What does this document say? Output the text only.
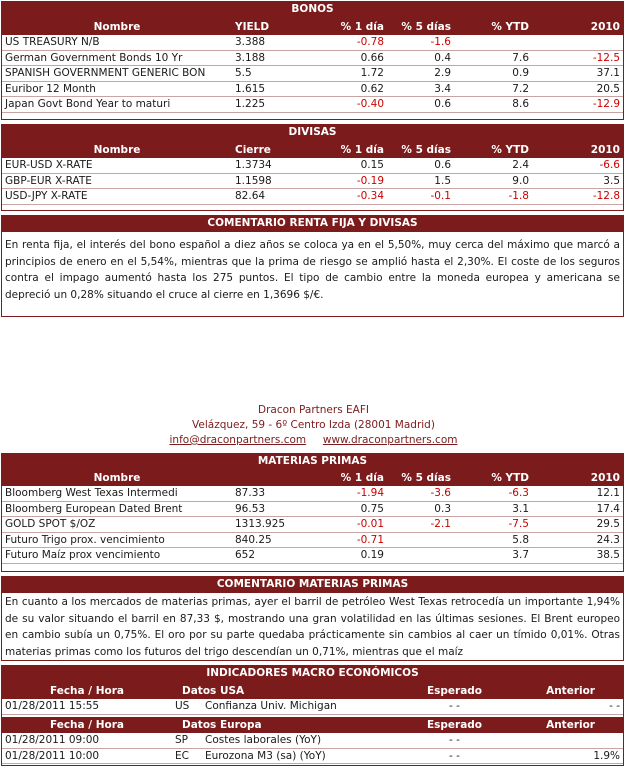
BONOS
Nombre	YIELD	% 1 día	% 5 días	% YTD	2010
US TREASURY N/B	3.388	-0.78	-1.6		
German Government Bonds 10 Yr	3.188	0.66	0.4	7.6	-12.5
SPANISH GOVERNMENT GENERIC BON	5.5	1.72	2.9	0.9	37.1
Euribor 12 Month	1.615	0.62	3.4	7.2	20.5
Japan Govt Bond Year to maturi	1.225	-0.40	0.6	8.6	-12.9
DIVISAS
Nombre	Cierre	% 1 día	% 5 días	% YTD	2010
EUR-USD X-RATE	1.3734	0.15	0.6	2.4	-6.6
GBP-EUR X-RATE	1.1598	-0.19	1.5	9.0	3.5
USD-JPY X-RATE	82.64	-0.34	-0.1	-1.8	-12.8
COMENTARIO RENTA FIJA Y DIVISAS
En renta fija, el interés del bono español a diez años se coloca ya en el 5,50%, muy cerca del máximo que marcó a principios de enero en el 5,54%, mientras que la prima de riesgo se amplió hasta el 2,30%. El coste de los seguros contra el impago aumentó hasta los 275 puntos. El tipo de cambio entre la moneda europea y americana se depreció un 0,28% situando el cruce al cierre en 1,3696 $/€.
Dracon Partners EAFI
Velázquez, 59 - 6º Centro Izda (28001 Madrid)
info@draconpartners.com www.draconpartners.com
MATERIAS PRIMAS
Nombre		% 1 día	% 5 días	% YTD	2010
Bloomberg West Texas Intermedi	87.33	-1.94	-3.6	-6.3	12.1
Bloomberg European Dated Brent	96.53	0.75	0.3	3.1	17.4
GOLD SPOT $/OZ	1313.925	-0.01	-2.1	-7.5	29.5
Futuro Trigo prox. vencimiento	840.25	-0.71		5.8	24.3
Futuro Maíz prox vencimiento	652	0.19		3.7	38.5
COMENTARIO MATERIAS PRIMAS
En cuanto a los mercados de materias primas, ayer el barril de petróleo West Texas retrocedía un importante 1,94% de su valor situando el barril en 87,33 $, mostrando una gran volatilidad en las últimas sesiones. El Brent europeo en cambio subía un 0,75%. El oro por su parte quedaba prácticamente sin cambios al caer un tímido 0,01%. Otras materias primas como los futuros del trigo descendían un 0,71%, mientras que el maíz
INDICADORES MACRO ECONÓMICOS
Fecha / Hora	Datos USA		Esperado	Anterior
01/28/2011 15:55	US	Confianza Univ. Michigan	- -	- -

Fecha / Hora	Datos Europa		Esperado	Anterior
01/28/2011 09:00	SP	Costes laborales (YoY)	- -	
01/28/2011 10:00	EC	Eurozona M3 (sa) (YoY)	- -	1.9%
